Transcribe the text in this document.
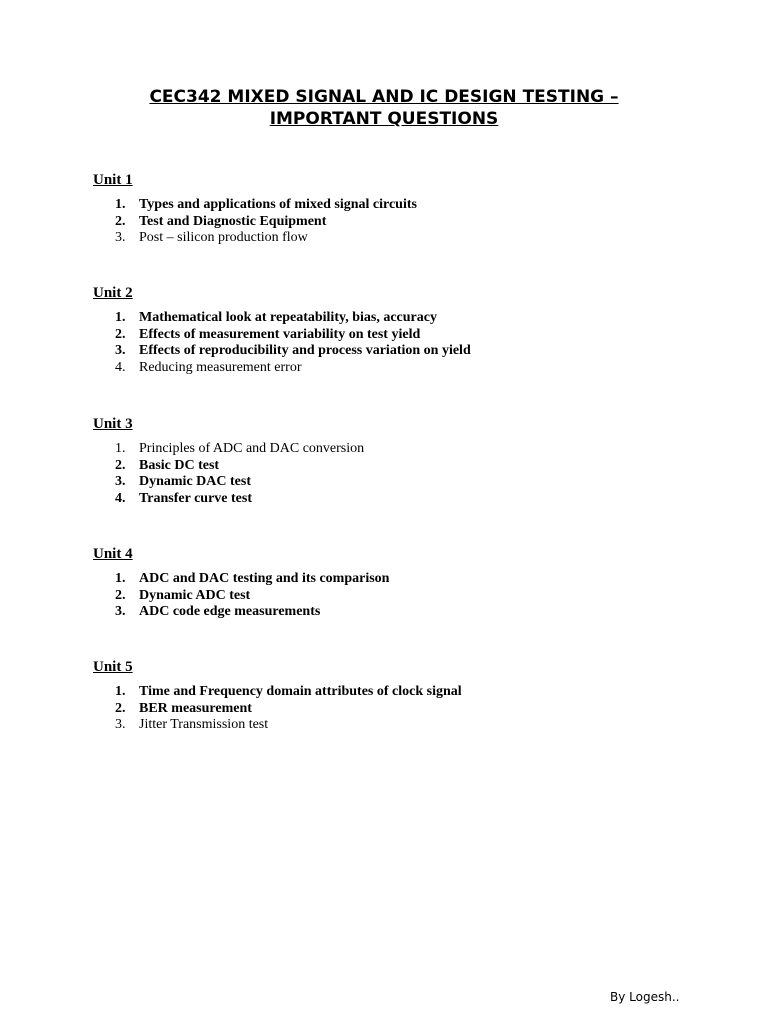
CEC342 MIXED SIGNAL AND IC DESIGN TESTING –
IMPORTANT QUESTIONS
Unit 1
1. Types and applications of mixed signal circuits
2. Test and Diagnostic Equipment
3. Post – silicon production flow
Unit 2
1. Mathematical look at repeatability, bias, accuracy
2. Effects of measurement variability on test yield
3. Effects of reproducibility and process variation on yield
4. Reducing measurement error
Unit 3
1. Principles of ADC and DAC conversion
2. Basic DC test
3. Dynamic DAC test
4. Transfer curve test
Unit 4
1. ADC and DAC testing and its comparison
2. Dynamic ADC test
3. ADC code edge measurements
Unit 5
1. Time and Frequency domain attributes of clock signal
2. BER measurement
3. Jitter Transmission test
By Logesh..
